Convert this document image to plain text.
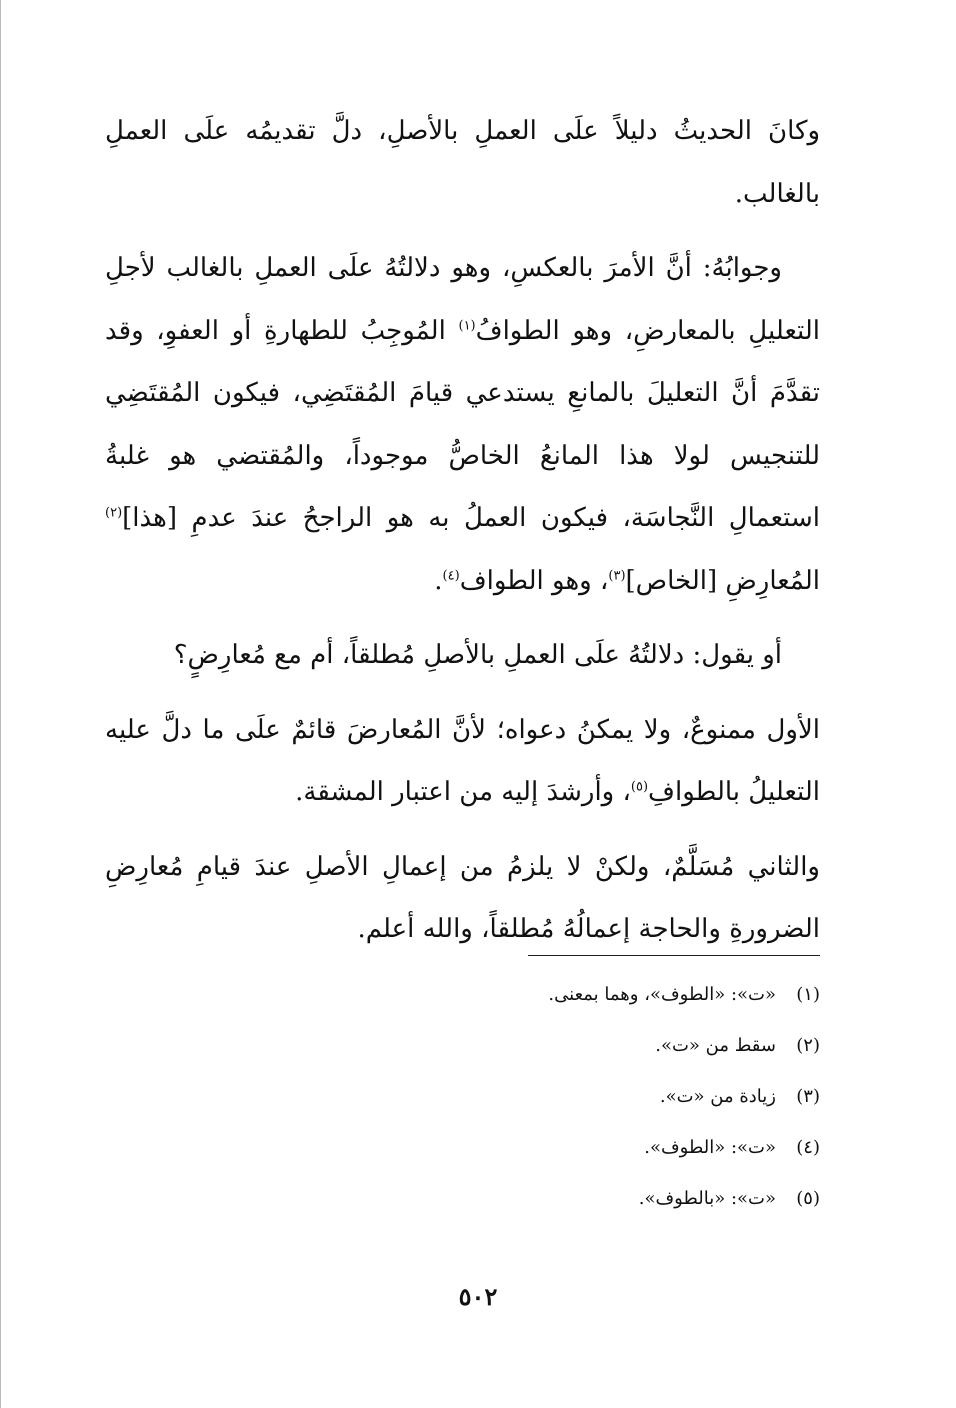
وكانَ الحديثُ دليلاً علَى العملِ بالأصلِ، دلَّ تقديمُه علَى العملِ بالغالب.

وجوابُهُ: أنَّ الأمرَ بالعكسِ، وهو دلالتُهُ علَى العملِ بالغالب لأجلِ التعليلِ بالمعارضِ، وهو الطوافُ$^{(١)}$ المُوجِبُ للطهارةِ أو العفوِ، وقد تقدَّمَ أنَّ التعليلَ بالمانعِ يستدعي قيامَ المُقتَضِي، فيكون المُقتَضِي للتنجيس لولا هذا المانعُ الخاصُّ موجوداً، والمُقتضي هو غلبةُ استعمالِ النَّجاسَة، فيكون العملُ به هو الراجحُ عندَ عدمِ [هذا]$^{(٢)}$ المُعارِضِ [الخاص]$^{(٣)}$، وهو الطواف$^{(٤)}$.

أو يقول: دلالتُهُ علَى العملِ بالأصلِ مُطلقاً، أم مع مُعارِضٍ؟

الأول ممنوعٌ، ولا يمكنُ دعواه؛ لأنَّ المُعارضَ قائمٌ علَى ما دلَّ عليه التعليلُ بالطوافِ$^{(٥)}$، وأرشدَ إليه من اعتبار المشقة.

والثاني مُسَلَّمٌ، ولكنْ لا يلزمُ من إعمالِ الأصلِ عندَ قيامِ مُعارِضِ الضرورةِ والحاجة إعمالُهُ مُطلقاً، والله أعلم.

(١)«ت»: «الطوف»، وهما بمعنى.
(٢)سقط من «ت».
(٣)زيادة من «ت».
(٤)«ت»: «الطوف».
(٥)«ت»: «بالطوف».
٥٠٢
